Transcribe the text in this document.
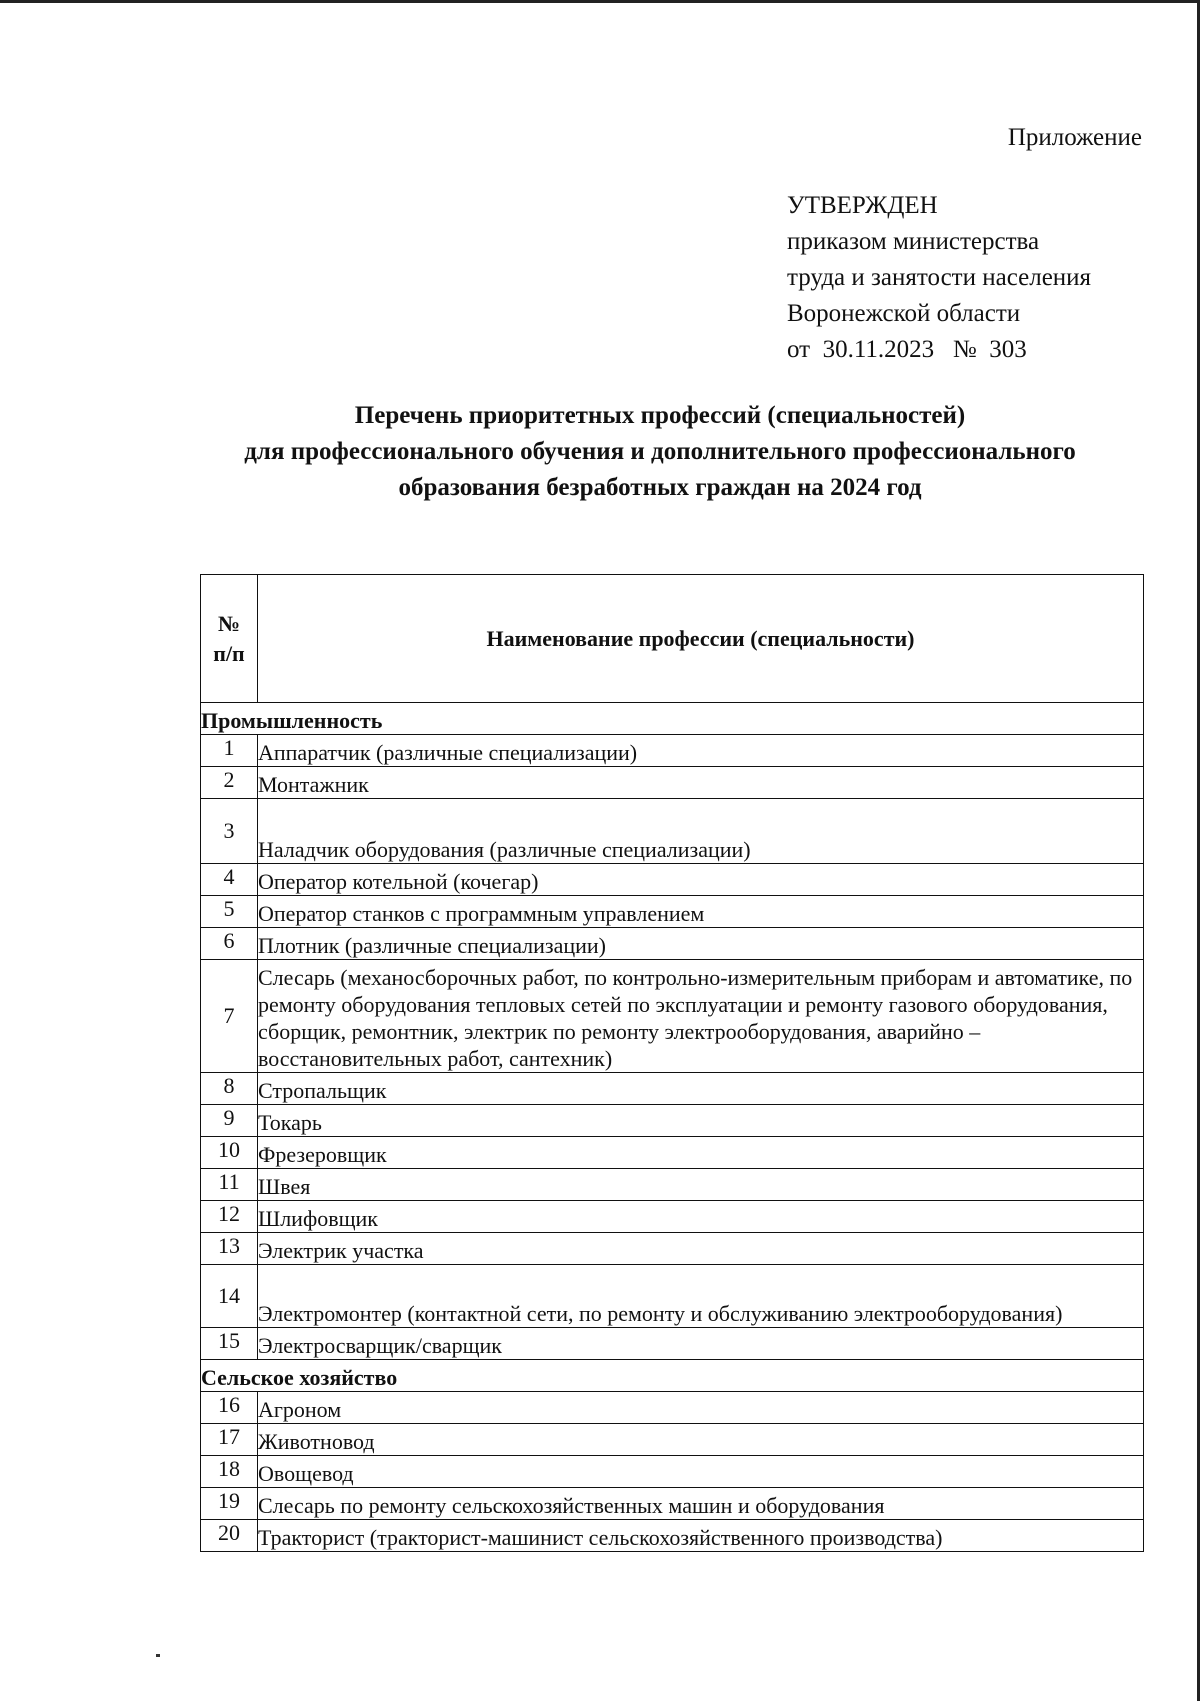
Приложение
УТВЕРЖДЕН
приказом министерства
труда и занятости населения
Воронежской области
от  30.11.2023   №  303
Перечень приоритетных профессий (специальностей)
для профессионального обучения и дополнительного профессионального
образования безработных граждан на 2024 год
№
п/п	Наименование профессии (специальности)
Промышленность	
1	Аппаратчик (различные специализации)
2	Монтажник
3	Наладчик оборудования (различные специализации)
4	Оператор котельной (кочегар)
5	Оператор станков с программным управлением
6	Плотник (различные специализации)
7	Слесарь (механосборочных работ, по контрольно-измерительным приборам и автоматике, по ремонту оборудования тепловых сетей по эксплуатации и ремонту газового оборудования, сборщик, ремонтник, электрик по ремонту электрооборудования, аварийно – восстановительных работ, сантехник)
8	Стропальщик
9	Токарь
10	Фрезеровщик
11	Швея
12	Шлифовщик
13	Электрик участка
14	Электромонтер (контактной сети, по ремонту и обслуживанию электрооборудования)
15	Электросварщик/сварщик
Сельское хозяйство	
16	Агроном
17	Животновод
18	Овощевод
19	Слесарь по ремонту сельскохозяйственных машин и оборудования
20	Тракторист (тракторист-машинист сельскохозяйственного производства)
